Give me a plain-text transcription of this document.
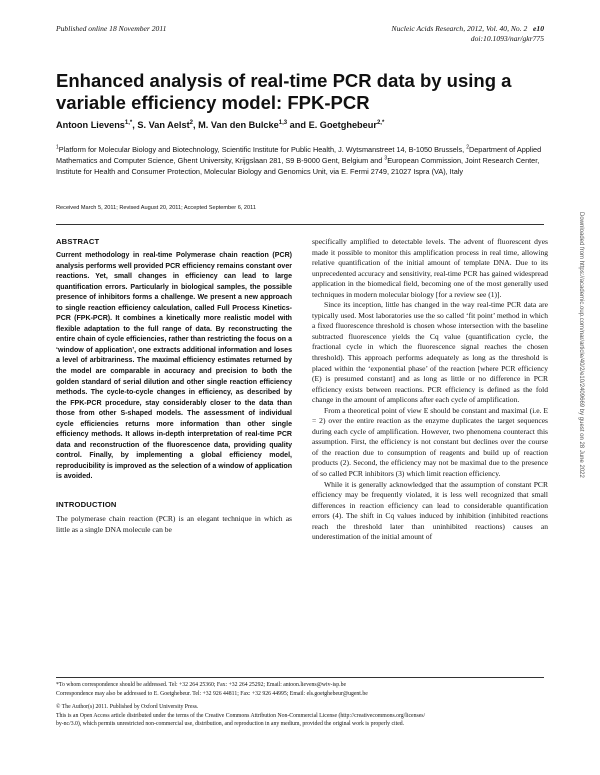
Published online 18 November 2011	Nucleic Acids Research, 2012, Vol. 40, No. 2 e10
doi:10.1093/nar/gkr775
Enhanced analysis of real-time PCR data by using a variable efficiency model: FPK-PCR
Antoon Lievens$^{1,*}$, S. Van Aelst$^2$, M. Van den Bulcke$^{1,3}$ and E. Goetghebeur$^{2,*}$
$^1$Platform for Molecular Biology and Biotechnology, Scientific Institute for Public Health, J. Wytsmanstreet 14, B-1050 Brussels, $^2$Department of Applied Mathematics and Computer Science, Ghent University, Krijgslaan 281, S9 B-9000 Gent, Belgium and $^3$European Commission, Joint Research Center, Institute for Health and Consumer Protection, Molecular Biology and Genomics Unit, via E. Fermi 2749, 21027 Ispra (VA), Italy
Received March 5, 2011; Revised August 20, 2011; Accepted September 6, 2011
ABSTRACT

Current methodology in real-time Polymerase chain reaction (PCR) analysis performs well provided PCR efficiency remains constant over reactions. Yet, small changes in efficiency can lead to large quantification errors. Particularly in biological samples, the possible presence of inhibitors forms a challenge. We present a new approach to single reaction efficiency calculation, called Full Process Kinetics-PCR (FPK-PCR). It combines a kinetically more realistic model with flexible adaptation to the full range of data. By reconstructing the entire chain of cycle efficiencies, rather than restricting the focus on a ‘window of application’, one extracts additional information and loses a level of arbitrariness. The maximal efficiency estimates returned by the model are comparable in accuracy and precision to both the golden standard of serial dilution and other single reaction efficiency methods. The cycle-to-cycle changes in efficiency, as described by the FPK-PCR procedure, stay considerably closer to the data than those from other S-shaped models. The assessment of individual cycle efficiencies returns more information than other single efficiency methods. It allows in-depth interpretation of real-time PCR data and reconstruction of the fluorescence data, providing quality control. Finally, by implementing a global efficiency model, reproducibility is improved as the selection of a window of application is avoided.

INTRODUCTION

The polymerase chain reaction (PCR) is an elegant technique in which as little as a single DNA molecule can be

specifically amplified to detectable levels. The advent of fluorescent dyes made it possible to monitor this amplification process in real time, allowing relative quantification of the initial amount of template DNA. Due to its unprecedented accuracy and sensitivity, real-time PCR has gained widespread application in the biomedical field, becoming one of the most generally used techniques in modern molecular biology [for a review see (1)].

Since its inception, little has changed in the way real-time PCR data are typically used. Most laboratories use the so called ‘fit point’ method in which a fixed fluorescence threshold is chosen whose intersection with the baseline subtracted fluorescence yields the Cq value (quantification cycle, the fractional cycle in which the fluorescence signal reaches the chosen threshold). This approach performs adequately as long as the threshold is placed within the ‘exponential phase’ of the reaction [where PCR efficiency (E) is presumed constant] and as long as little or no difference in PCR efficiency exists between reactions. PCR efficiency is defined as the fold change in the amount of amplicons after each cycle of amplification.

From a theoretical point of view E should be constant and maximal (i.e. E = 2) over the entire reaction as the enzyme duplicates the target sequences during each cycle of amplification. However, two phenomena counteract this assumption. First, the efficiency is not constant but declines over the course of the reaction due to consumption of reagents and build up of reaction products (2). Second, the efficiency may not be maximal due to the presence of so called PCR inhibitors (3) which limit reaction efficiency.

While it is generally acknowledged that the assumption of constant PCR efficiency may be frequently violated, it is less well recognized that small differences in reaction efficiency can lead to considerable quantification errors (4). The shift in Cq values induced by inhibition (inhibited reactions reach the threshold later than uninhibited reactions) causes an underestimation of the initial amount of

*To whom correspondence should be addressed. Tel: +32 264 25360; Fax: +32 264 25292; Email: antoon.lievens@wiv-isp.be

Correspondence may also be addressed to E. Goetghebeur. Tel: +32 926 44811; Fax: +32 926 44995; Email: els.goetghebeur@ugent.be

© The Author(s) 2011. Published by Oxford University Press.

This is an Open Access article distributed under the terms of the Creative Commons Attribution Non-Commercial License (http://creativecommons.org/licenses/

by-nc/3.0), which permits unrestricted non-commercial use, distribution, and reproduction in any medium, provided the original work is properly cited.

Downloaded from https://academic.oup.com/nar/article/40/2/e10/2409669 by guest on 28 June 2022
